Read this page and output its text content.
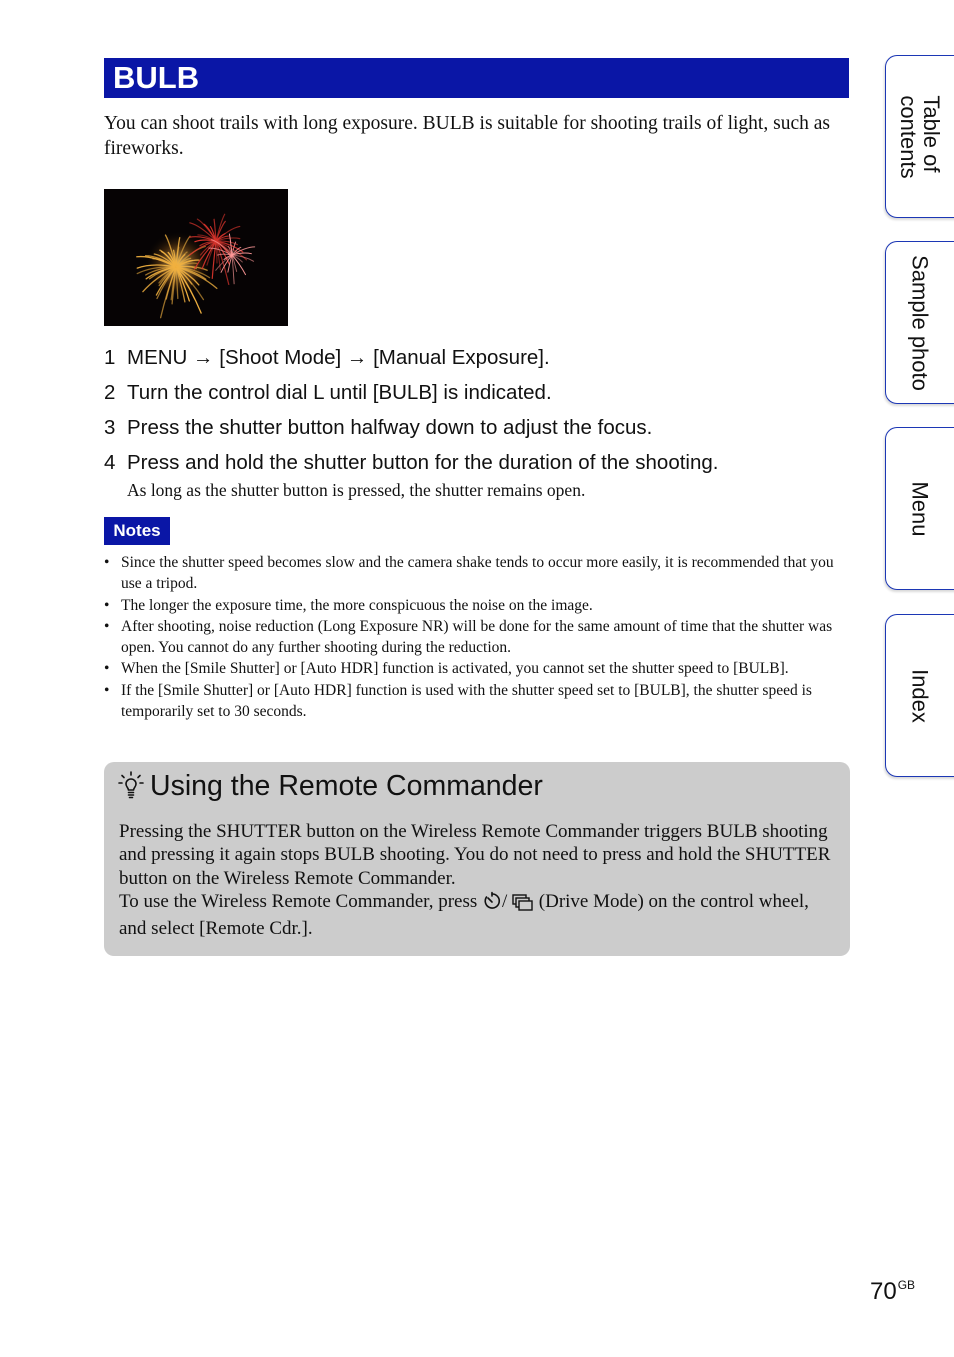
BULB
You can shoot trails with long exposure. BULB is suitable for shooting trails of light, such as fireworks.
1 MENU → [Shoot Mode] → [Manual Exposure].
2 Turn the control dial L until [BULB] is indicated.
3 Press the shutter button halfway down to adjust the focus.
4 Press and hold the shutter button for the duration of the shooting.
As long as the shutter button is pressed, the shutter remains open.
Notes
• Since the shutter speed becomes slow and the camera shake tends to occur more easily, it is recommended that you use a tripod.
• The longer the exposure time, the more conspicuous the noise on the image.
• After shooting, noise reduction (Long Exposure NR) will be done for the same amount of time that the shutter was open. You cannot do any further shooting during the reduction.
• When the [Smile Shutter] or [Auto HDR] function is activated, you cannot set the shutter speed to [BULB].
• If the [Smile Shutter] or [Auto HDR] function is used with the shutter speed set to [BULB], the shutter speed is temporarily set to 30 seconds.
Using the Remote Commander
Pressing the SHUTTER button on the Wireless Remote Commander triggers BULB shooting and pressing it again stops BULB shooting. You do not need to press and hold the SHUTTER button on the Wireless Remote Commander.
To use the Wireless Remote Commander, press /  (Drive Mode) on the control wheel, and select [Remote Cdr.].
Table of
contents
Sample photo
Menu
Index
$70^{GB}$
